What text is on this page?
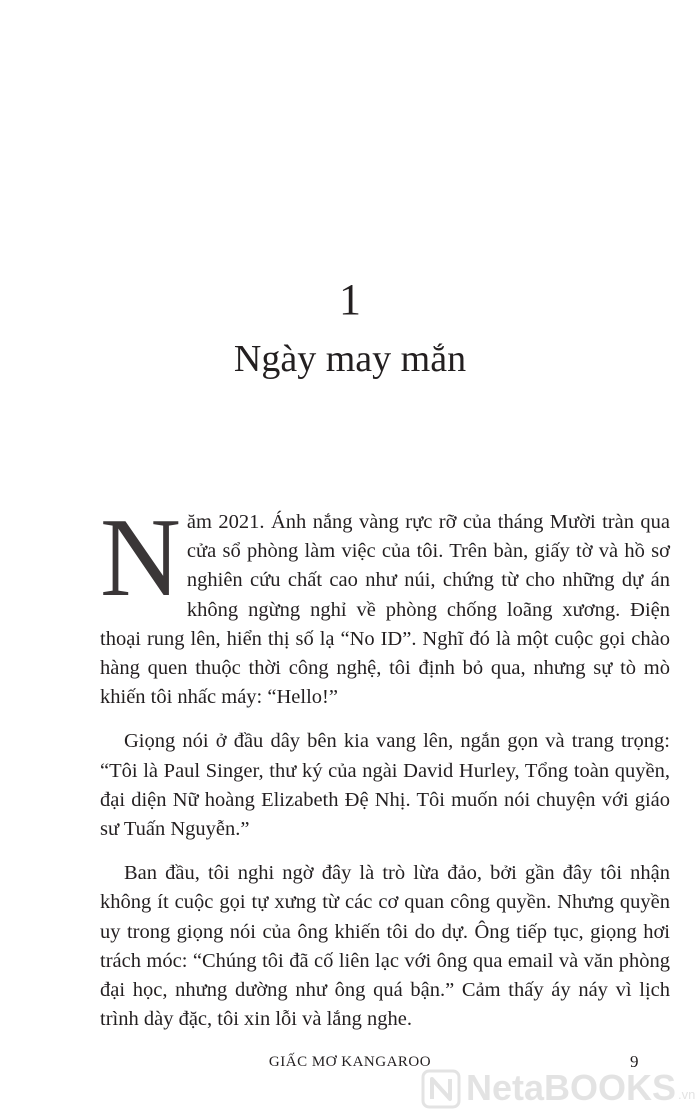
1
Ngày may mắn

Năm 2021. Ánh nắng vàng rực rỡ của tháng Mười tràn qua cửa sổ phòng làm việc của tôi. Trên bàn, giấy tờ và hồ sơ nghiên cứu chất cao như núi, chứng từ cho những dự án không ngừng nghỉ về phòng chống loãng xương. Điện thoại rung lên, hiển thị số lạ “No ID”. Nghĩ đó là một cuộc gọi chào hàng quen thuộc thời công nghệ, tôi định bỏ qua, nhưng sự tò mò khiến tôi nhấc máy: “Hello!”

Giọng nói ở đầu dây bên kia vang lên, ngắn gọn và trang trọng: “Tôi là Paul Singer, thư ký của ngài David Hurley, Tổng toàn quyền, đại diện Nữ hoàng Elizabeth Đệ Nhị. Tôi muốn nói chuyện với giáo sư Tuấn Nguyễn.”

Ban đầu, tôi nghi ngờ đây là trò lừa đảo, bởi gần đây tôi nhận không ít cuộc gọi tự xưng từ các cơ quan công quyền. Nhưng quyền uy trong giọng nói của ông khiến tôi do dự. Ông tiếp tục, giọng hơi trách móc: “Chúng tôi đã cố liên lạc với ông qua email và văn phòng đại học, nhưng dường như ông quá bận.” Cảm thấy áy náy vì lịch trình dày đặc, tôi xin lỗi và lắng nghe.

GIẤC MƠ KANGAROO	9
NetaBOOKS .vn
